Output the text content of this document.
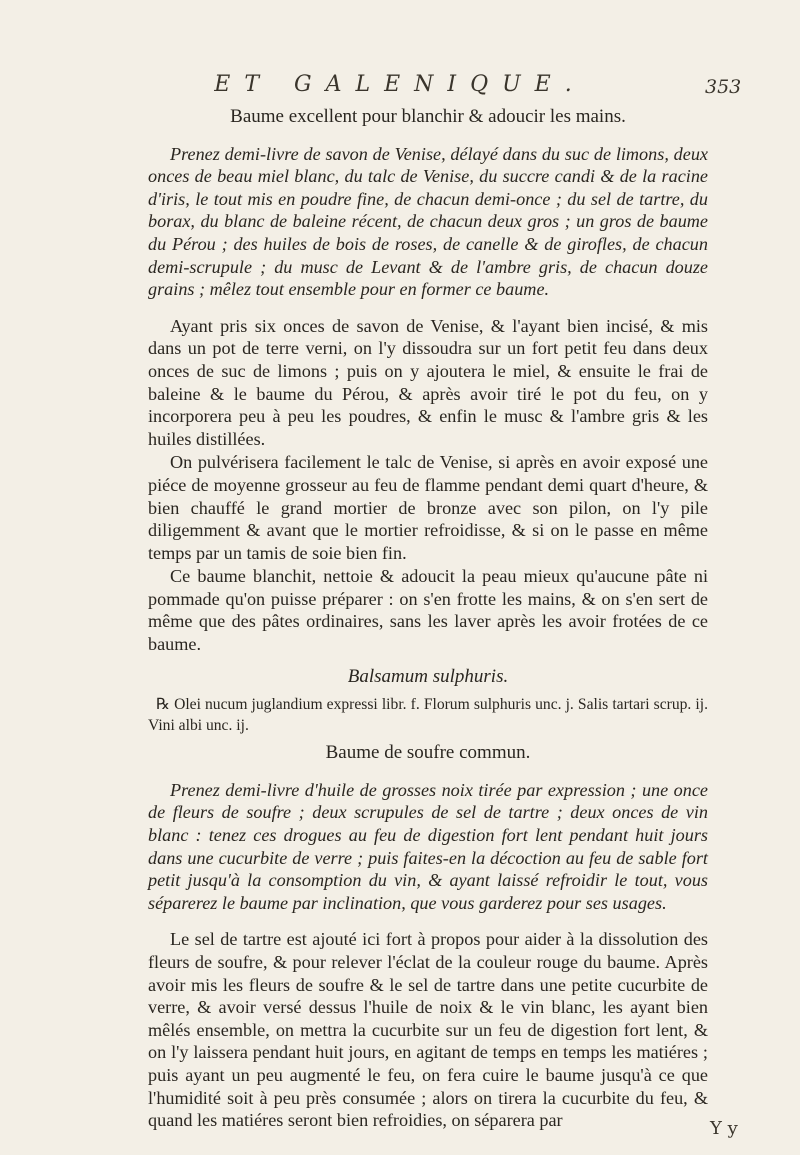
ET GALENIQUE.	353

Baume excellent pour blanchir & adoucir les mains.

Prenez demi-livre de savon de Venise, délayé dans du suc de limons, deux onces de beau miel blanc, du talc de Venise, du succre candi & de la racine d'iris, le tout mis en poudre fine, de chacun demi-once ; du sel de tartre, du borax, du blanc de baleine récent, de chacun deux gros ; un gros de baume du Pérou ; des huiles de bois de roses, de canelle & de girofles, de chacun demi-scrupule ; du musc de Levant & de l'ambre gris, de chacun douze grains ; mêlez tout ensemble pour en former ce baume.

Ayant pris six onces de savon de Venise, & l'ayant bien incisé, & mis dans un pot de terre verni, on l'y dissoudra sur un fort petit feu dans deux onces de suc de limons ; puis on y ajoutera le miel, & ensuite le frai de baleine & le baume du Pérou, & après avoir tiré le pot du feu, on y incorporera peu à peu les poudres, & enfin le musc & l'ambre gris & les huiles distillées.

On pulvérisera facilement le talc de Venise, si après en avoir exposé une piéce de moyenne grosseur au feu de flamme pendant demi quart d'heure, & bien chauffé le grand mortier de bronze avec son pilon, on l'y pile diligemment & avant que le mortier refroidisse, & si on le passe en même temps par un tamis de soie bien fin.

Ce baume blanchit, nettoie & adoucit la peau mieux qu'aucune pâte ni pommade qu'on puisse préparer : on s'en frotte les mains, & on s'en sert de même que des pâtes ordinaires, sans les laver après les avoir frotées de ce baume.

Balsamum sulphuris.

℞ Olei nucum juglandium expressi libr. f. Florum sulphuris unc. j. Salis tartari scrup. ij. Vini albi unc. ij.

Baume de soufre commun.

Prenez demi-livre d'huile de grosses noix tirée par expression ; une once de fleurs de soufre ; deux scrupules de sel de tartre ; deux onces de vin blanc : tenez ces drogues au feu de digestion fort lent pendant huit jours dans une cucurbite de verre ; puis faites-en la décoction au feu de sable fort petit jusqu'à la consomption du vin, & ayant laissé refroidir le tout, vous séparerez le baume par inclination, que vous garderez pour ses usages.

Le sel de tartre est ajouté ici fort à propos pour aider à la dissolution des fleurs de soufre, & pour relever l'éclat de la couleur rouge du baume. Après avoir mis les fleurs de soufre & le sel de tartre dans une petite cucurbite de verre, & avoir versé dessus l'huile de noix & le vin blanc, les ayant bien mêlés ensemble, on mettra la cucurbite sur un feu de digestion fort lent, & on l'y laissera pendant huit jours, en agitant de temps en temps les matiéres ; puis ayant un peu augmenté le feu, on fera cuire le baume jusqu'à ce que l'humidité soit à peu près consumée ; alors on tirera la cucurbite du feu, & quand les matiéres seront bien refroidies, on séparera par	Y y
